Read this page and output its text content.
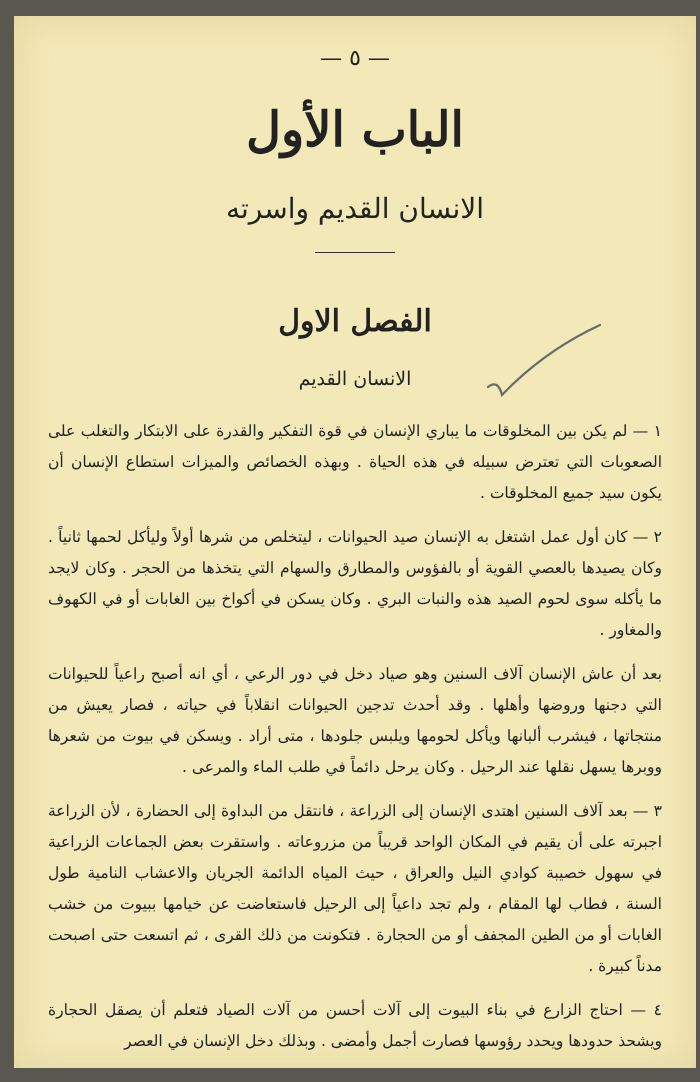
— ٥ —
الباب الأول
الانسان القديم واسرته
الفصل الاول
الانسان القديم

١ — لم يكن بين المخلوقات ما يباري الإنسان في قوة التفكير والقدرة على الابتكار والتغلب على الصعوبات التي تعترض سبيله في هذه الحياة . وبهذه الخصائص والميزات استطاع الإنسان أن يكون سيد جميع المخلوقات .

٢ — كان أول عمل اشتغل به الإنسان صيد الحيوانات ، ليتخلص من شرها أولاً وليأكل لحمها ثانياً . وكان يصيدها بالعصي القوية أو بالفؤوس والمطارق والسهام التي يتخذها من الحجر . وكان لايجد ما يأكله سوى لحوم الصيد هذه والنبات البري . وكان يسكن في أكواخ بين الغابات أو في الكهوف والمغاور .

بعد أن عاش الإنسان آلاف السنين وهو صياد دخل في دور الرعي ، أي انه أصبح راعياً للحيوانات التي دجنها وروضها وأهلها . وقد أحدث تدجين الحيوانات انقلاباً في حياته ، فصار يعيش من منتجاتها ، فيشرب ألبانها ويأكل لحومها ويلبس جلودها ، متى أراد . ويسكن في بيوت من شعرها ووبرها يسهل نقلها عند الرحيل . وكان يرحل دائماً في طلب الماء والمرعى .

٣ — بعد آلاف السنين اهتدى الإنسان إلى الزراعة ، فانتقل من البداوة إلى الحضارة ، لأن الزراعة اجبرته على أن يقيم في المكان الواحد قريباً من مزروعاته . واستقرت بعض الجماعات الزراعية في سهول خصيبة كوادي النيل والعراق ، حيث المياه الدائمة الجريان والاعشاب النامية طول السنة ، فطاب لها المقام ، ولم تجد داعياً إلى الرحيل فاستعاضت عن خيامها ببيوت من خشب الغابات أو من الطين المجفف أو من الحجارة . فتكونت من ذلك القرى ، ثم اتسعت حتى اصبحت مدناً كبيرة .

٤ — احتاج الزارع في بناء البيوت إلى آلات أحسن من آلات الصياد فتعلم أن يصقل الحجارة ويشحذ حدودها ويحدد رؤوسها فصارت أجمل وأمضى . وبذلك دخل الإنسان في العصر
